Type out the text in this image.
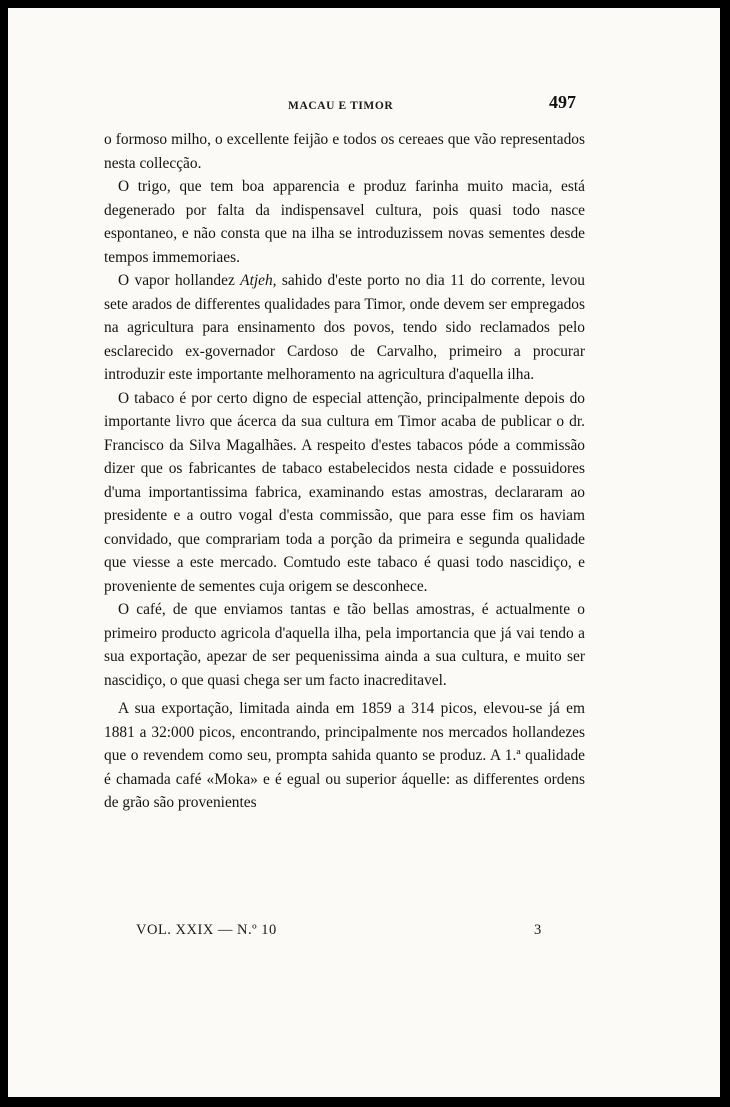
MACAU E TIMOR	497

o formoso milho, o excellente feijão e todos os cereaes que vão representados nesta collecção.

O trigo, que tem boa apparencia e produz farinha muito macia, está degenerado por falta da indispensavel cultura, pois quasi todo nasce espontaneo, e não consta que na ilha se introduzissem novas sementes desde tempos immemoriaes.

O vapor hollandez Atjeh, sahido d'este porto no dia 11 do corrente, levou sete arados de differentes qualidades para Timor, onde devem ser empregados na agricultura para ensinamento dos povos, tendo sido reclamados pelo esclarecido ex-governador Cardoso de Carvalho, primeiro a procurar introduzir este importante melhoramento na agricultura d'aquella ilha.

O tabaco é por certo digno de especial attenção, principalmente depois do importante livro que ácerca da sua cultura em Timor acaba de publicar o dr. Francisco da Silva Magalhães. A respeito d'estes tabacos póde a commissão dizer que os fabricantes de tabaco estabelecidos nesta cidade e possuidores d'uma importantissima fabrica, examinando estas amostras, declararam ao presidente e a outro vogal d'esta commissão, que para esse fim os haviam convidado, que comprariam toda a porção da primeira e segunda qualidade que viesse a este mercado. Comtudo este tabaco é quasi todo nascidiço, e proveniente de sementes cuja origem se desconhece.

O café, de que enviamos tantas e tão bellas amostras, é actualmente o primeiro producto agricola d'aquella ilha, pela importancia que já vai tendo a sua exportação, apezar de ser pequenissima ainda a sua cultura, e muito ser nascidiço, o que quasi chega ser um facto inacreditavel.

A sua exportação, limitada ainda em 1859 a 314 picos, elevou-se já em 1881 a 32:000 picos, encontrando, principalmente nos mercados hollandezes que o revendem como seu, prompta sahida quanto se produz. A 1.ª qualidade é chamada café «Moka» e é egual ou superior áquelle: as differentes ordens de grão são provenientes

VOL. XXIX — N.º 10	3
